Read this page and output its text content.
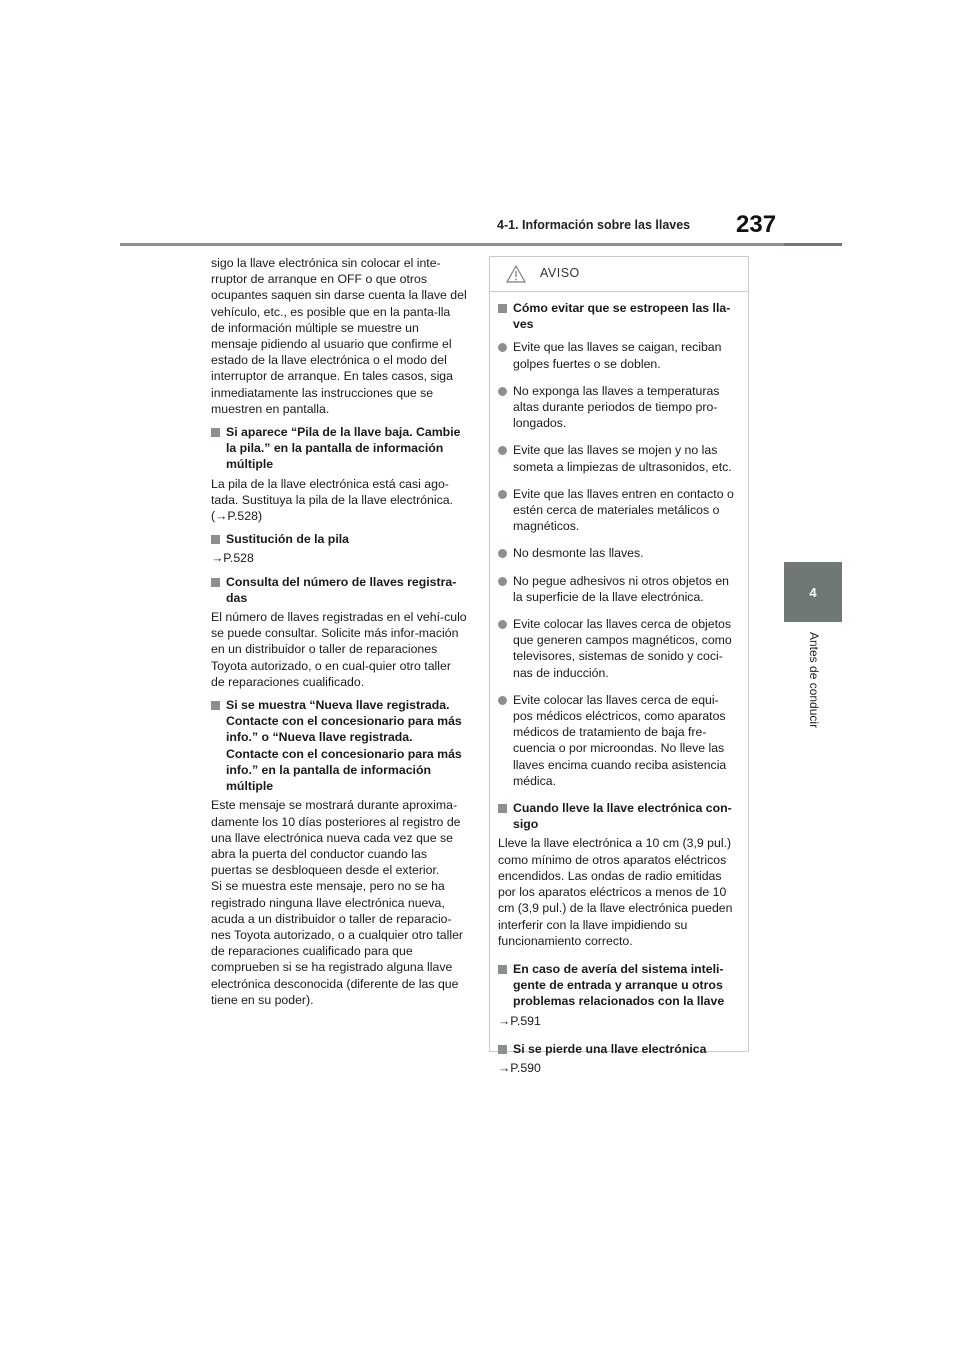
4-1. Información sobre las llaves 237
4
Antes de conducir

sigo la llave electrónica sin colocar el inte-rruptor de arranque en OFF o que otros ocupantes saquen sin darse cuenta la llave del vehículo, etc., es posible que en la panta-lla de información múltiple se muestre un mensaje pidiendo al usuario que confirme el estado de la llave electrónica o el modo del interruptor de arranque. En tales casos, siga inmediatamente las instrucciones que se muestren en pantalla.

Si aparece “Pila de la llave baja. Cambie la pila.” en la pantalla de información múltiple
La pila de la llave electrónica está casi ago-tada. Sustituya la pila de la llave electrónica. (→P.528)
Sustitución de la pila
→P.528
Consulta del número de llaves registra-das
El número de llaves registradas en el vehí-culo se puede consultar. Solicite más infor-mación en un distribuidor o taller de reparaciones Toyota autorizado, o en cual-quier otro taller de reparaciones cualificado.
Si se muestra “Nueva llave registrada. Contacte con el concesionario para más info.” o “Nueva llave registrada. Contacte con el concesionario para más info.” en la pantalla de información múltiple
Este mensaje se mostrará durante aproxima-damente los 10 días posteriores al registro de una llave electrónica nueva cada vez que se abra la puerta del conductor cuando las puertas se desbloqueen desde el exterior.
Si se muestra este mensaje, pero no se ha registrado ninguna llave electrónica nueva, acuda a un distribuidor o taller de reparacio-nes Toyota autorizado, o a cualquier otro taller de reparaciones cualificado para que comprueben si se ha registrado alguna llave electrónica desconocida (diferente de las que tiene en su poder).
AVISO
Cómo evitar que se estropeen las lla-ves
Evite que las llaves se caigan, reciban golpes fuertes o se doblen.
No exponga las llaves a temperaturas altas durante periodos de tiempo pro-longados.
Evite que las llaves se mojen y no las someta a limpiezas de ultrasonidos, etc.
Evite que las llaves entren en contacto o estén cerca de materiales metálicos o magnéticos.
No desmonte las llaves.
No pegue adhesivos ni otros objetos en la superficie de la llave electrónica.
Evite colocar las llaves cerca de objetos que generen campos magnéticos, como televisores, sistemas de sonido y coci-nas de inducción.
Evite colocar las llaves cerca de equi-pos médicos eléctricos, como aparatos médicos de tratamiento de baja fre-cuencia o por microondas. No lleve las llaves encima cuando reciba asistencia médica.
Cuando lleve la llave electrónica con-sigo
Lleve la llave electrónica a 10 cm (3,9 pul.) como mínimo de otros aparatos eléctricos encendidos. Las ondas de radio emitidas por los aparatos eléctricos a menos de 10 cm (3,9 pul.) de la llave electrónica pueden interferir con la llave impidiendo su funcionamiento correcto.
En caso de avería del sistema inteli-gente de entrada y arranque u otros problemas relacionados con la llave
→P.591
Si se pierde una llave electrónica
→P.590
